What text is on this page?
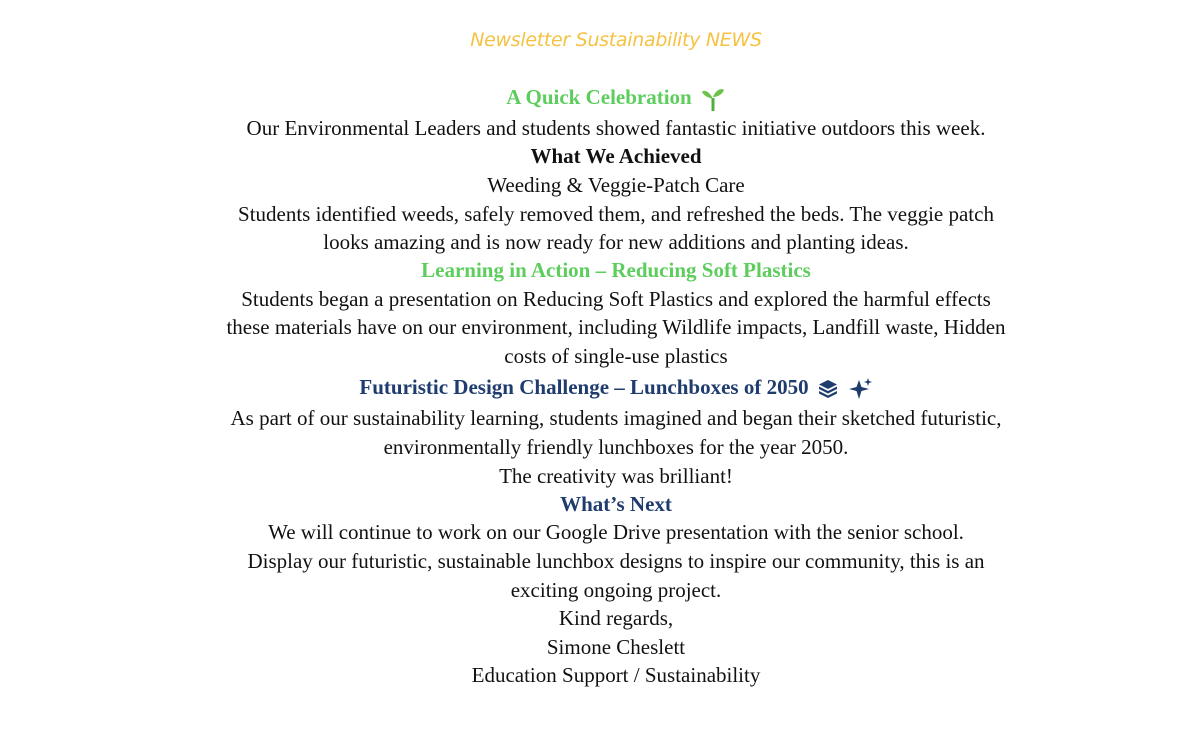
Newsletter Sustainability NEWS
A Quick Celebration
Our Environmental Leaders and students showed fantastic initiative outdoors this week.
What We Achieved
Weeding & Veggie-Patch Care
Students identified weeds, safely removed them, and refreshed the beds. The veggie patch
looks amazing and is now ready for new additions and planting ideas.
Learning in Action – Reducing Soft Plastics
Students began a presentation on Reducing Soft Plastics and explored the harmful effects
these materials have on our environment, including Wildlife impacts, Landfill waste, Hidden
costs of single-use plastics
Futuristic Design Challenge – Lunchboxes of 2050
As part of our sustainability learning, students imagined and began their sketched futuristic,
environmentally friendly lunchboxes for the year 2050.
The creativity was brilliant!
What’s Next
We will continue to work on our Google Drive presentation with the senior school.
Display our futuristic, sustainable lunchbox designs to inspire our community, this is an
exciting ongoing project.
Kind regards,
Simone Cheslett
Education Support / Sustainability
